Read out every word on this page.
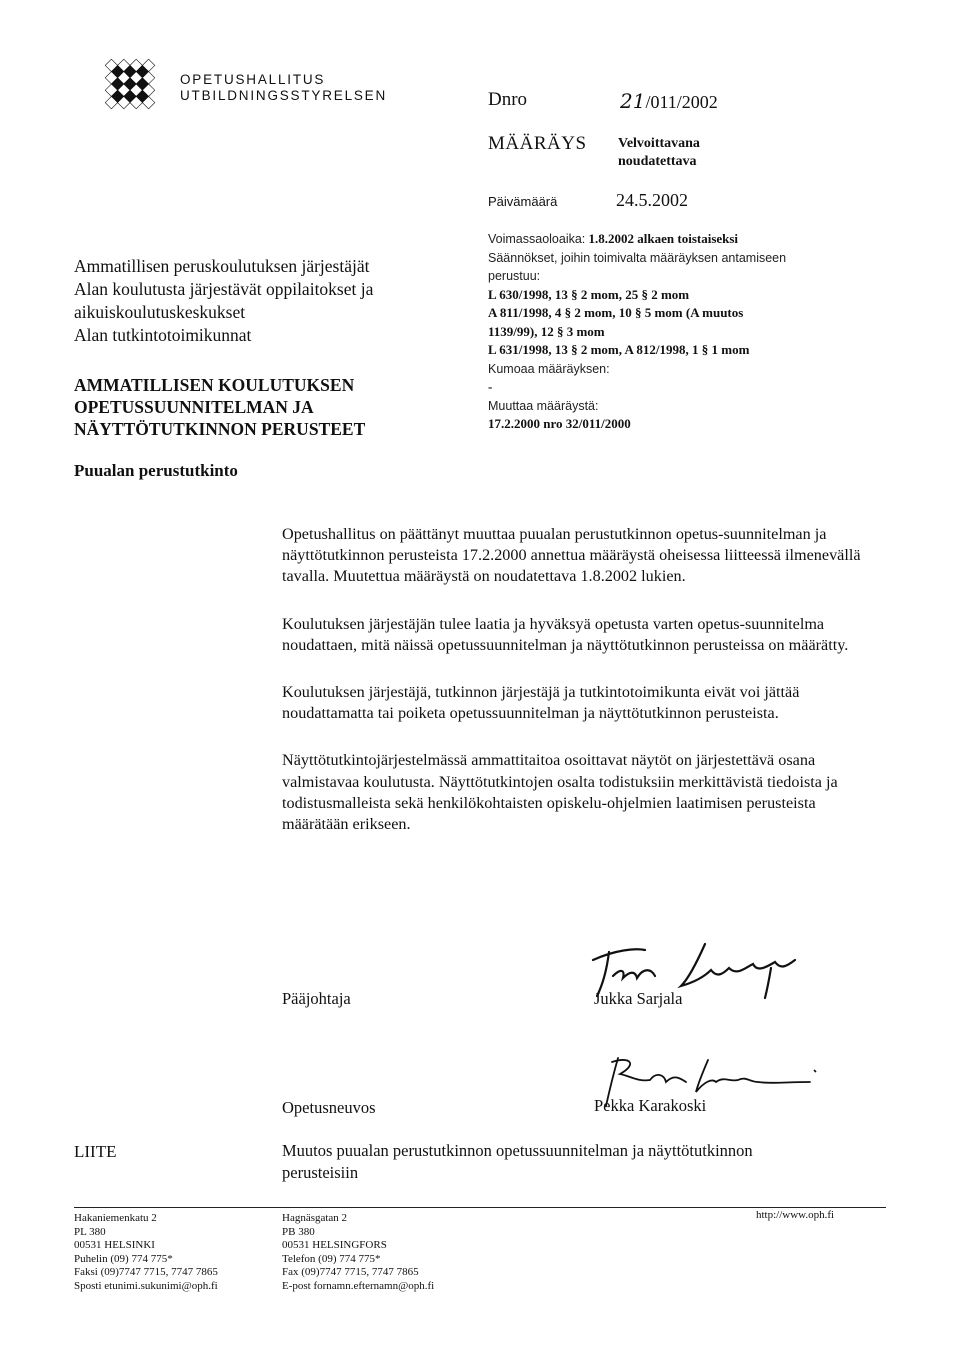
OPETUSHALLITUS
UTBILDNINGSSTYRELSEN	Dnro	21/011/2002
MÄÄRÄYS Velvoittavana
noudatettava
Päivämäärä	24.5.2002
Ammatillisen peruskoulutuksen järjestäjät
Alan koulutusta järjestävät oppilaitokset ja
aikuiskoulutuskeskukset
Alan tutkintotoimikunnat
AMMATILLISEN KOULUTUKSEN
OPETUSSUUNNITELMAN JA
NÄYTTÖTUTKINNON PERUSTEET
Puualan perustutkinto
Voimassaoloaika: 1.8.2002 alkaen toistaiseksi
Säännökset, joihin toimivalta määräyksen antamiseen
perustuu:
L 630/1998, 13 § 2 mom, 25 § 2 mom
A 811/1998, 4 § 2 mom, 10 § 5 mom (A muutos
1139/99), 12 § 3 mom
L 631/1998, 13 § 2 mom, A 812/1998, 1 § 1 mom
Kumoaa määräyksen:
-
Muuttaa määräystä:
17.2.2000 nro 32/011/2000

Opetushallitus on päättänyt muuttaa puualan perustutkinnon opetus-suunnitelman ja näyttötutkinnon perusteista 17.2.2000 annettua määräystä oheisessa liitteessä ilmenevällä tavalla. Muutettua määräystä on noudatettava 1.8.2002 lukien.

Koulutuksen järjestäjän tulee laatia ja hyväksyä opetusta varten opetus-suunnitelma noudattaen, mitä näissä opetussuunnitelman ja näyttötutkinnon perusteissa on määrätty.

Koulutuksen järjestäjä, tutkinnon järjestäjä ja tutkintotoimikunta eivät voi jättää noudattamatta tai poiketa opetussuunnitelman ja näyttötutkinnon perusteista.

Näyttötutkintojärjestelmässä ammattitaitoa osoittavat näytöt on järjestettävä osana valmistavaa koulutusta. Näyttötutkintojen osalta todistuksiin merkittävistä tiedoista ja todistusmalleista sekä henkilökohtaisten opiskelu-ohjelmien laatimisen perusteista määrätään erikseen.

Pääjohtaja	Jukka Sarjala
Opetusneuvos	Pekka Karakoski
LIITE	Muutos puualan perustutkinnon opetussuunnitelman ja näyttötutkinnon
perusteisiin
Hakaniemenkatu 2
PL 380
00531 HELSINKI
Puhelin (09) 774 775*
Faksi (09)7747 7715, 7747 7865
Sposti etunimi.sukunimi@oph.fi
Hagnäsgatan 2
PB 380
00531 HELSINGFORS
Telefon (09) 774 775*
Fax (09)7747 7715, 7747 7865
E-post fornamn.efternamn@oph.fi
http://www.oph.fi
